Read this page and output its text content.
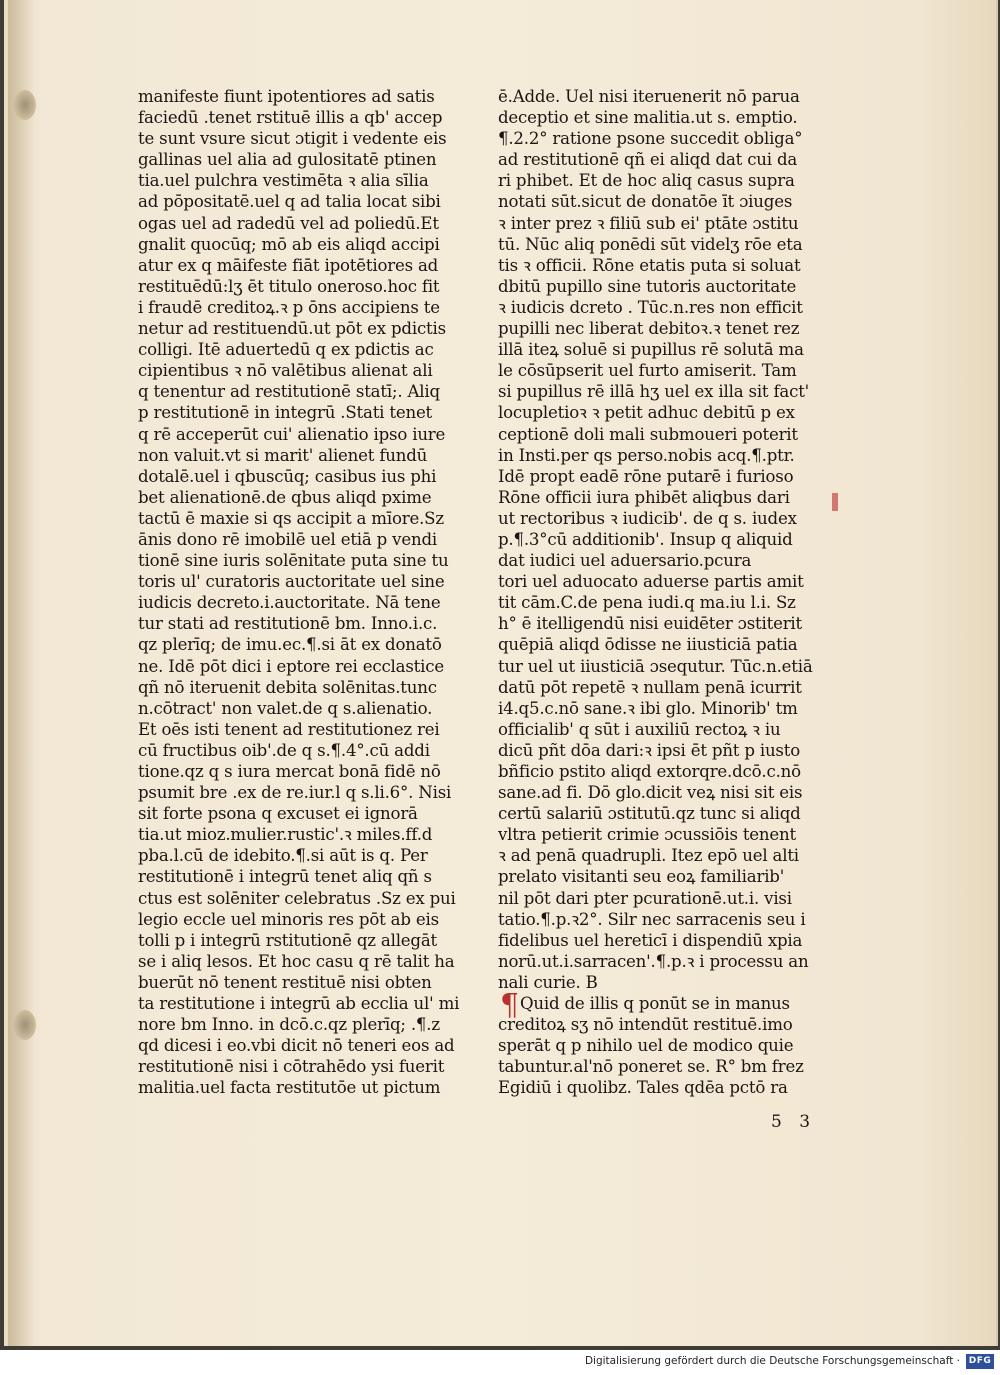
manifeste fiunt ipotentiores ad satis
faciedū .tenet rstituē illis a qb' accep
te sunt vsure sicut ɔtigit i vedente eis
gallinas uel alia ad gulositatē ptinen
tia.uel pulchra vestimēta ꝛ alia sīlia
ad pōpositatē.uel q ad talia locat sibi
ogas uel ad radedū vel ad poliedū.Et
gnalit quocūq; mō ab eis aliqd accipi
atur ex q māifeste fiāt ipotētiores ad
restituēdū:lʒ ēt titulo oneroso.hoc fit
i fraudē creditoꝝ.ꝛ p ōns accipiens te
netur ad restituendū.ut pōt ex pdictis
colligi. Itē aduertedū q ex pdictis ac
cipientibus ꝛ nō valētibus alienat ali
q tenentur ad restitutionē statī;. Aliq
p restitutionē in integrū .Stati tenet
q rē acceperūt cui' alienatio ipso iure
non valuit.vt si marit' alienet fundū
dotalē.uel i qbuscūq; casibus ius phi
bet alienationē.de qbus aliqd pxime
tactū ē maxie si qs accipit a mīore.Sz
ānis dono rē imobilē uel etiā p vendi
tionē sine iuris solēnitate puta sine tu
toris ul' curatoris auctoritate uel sine
iudicis decreto.i.auctoritate. Nā tene
tur stati ad restitutionē bm. Inno.i.c.
qz plerīq; de imu.ec.¶.si āt ex donatō
ne. Idē pōt dici i eptore rei ecclastice
qñ nō iteruenit debita solēnitas.tunc
n.cōtract' non valet.de q s.alienatio.
Et oēs isti tenent ad restitutionez rei
cū fructibus oib'.de q s.¶.4°.cū addi
tione.qz q s iura mercat bonā fidē nō
psumit bre .ex de re.iur.l q s.li.6°. Nisi
sit forte psona q excuset ei ignorā
tia.ut mioz.mulier.rustic'.ꝛ miles.ff.d
pba.l.cū de idebito.¶.si aūt is q. Per
restitutionē i integrū tenet aliq qñ s
ctus est solēniter celebratus .Sz ex pui
legio eccle uel minoris res pōt ab eis
tolli p i integrū rstitutionē qz allegāt
se i aliq lesos. Et hoc casu q rē talit ha
buerūt nō tenent restituē nisi obten
ta restitutione i integrū ab ecclia ul' mi
nore bm Inno. in dcō.c.qz plerīq; .¶.z
qd dicesi i eo.vbi dicit nō teneri eos ad
restitutionē nisi i cōtrahēdo ysi fuerit
malitia.uel facta restitutōe ut pictum
ē.Adde. Uel nisi iteruenerit nō parua
deceptio et sine malitia.ut s. emptio.
¶.2.2° ratione psone succedit obliga°
ad restitutionē qñ ei aliqd dat cui da
ri phibet. Et de hoc aliq casus supra
notati sūt.sicut de donatōe īt ɔiuges
ꝛ inter prez ꝛ filiū sub ei' ptāte ɔstitu
tū. Nūc aliq ponēdi sūt videlʒ rōe eta
tis ꝛ officii. Rōne etatis puta si soluat
dbitū pupillo sine tutoris auctoritate
ꝛ iudicis dcreto . Tūc.n.res non efficit
pupilli nec liberat debitoꝛ.ꝛ tenet rez
illā iteꝝ soluē si pupillus rē solutā ma
le cōsūpserit uel furto amiserit. Tam
si pupillus rē illā hʒ uel ex illa sit fact'
locupletioꝛ ꝛ petit adhuc debitū p ex
ceptionē doli mali submoueri poterit
in Insti.per qs perso.nobis acq.¶.ptr.
Idē propt eadē rōne putarē i furioso
Rōne officii iura phibēt aliqbus dari
ut rectoribus ꝛ iudicib'. de q s. iudex
p.¶.3°cū additionib'. Insup q aliquid
dat iudici uel aduersario.pcura
tori uel aduocato aduerse partis amit
tit cām.C.de pena iudi.q ma.iu l.i. Sz
h° ē itelligendū nisi euidēter ɔstiterit
quēpiā aliqd ōdisse ne iiusticiā patia
tur uel ut iiusticiā ɔsequtur. Tūc.n.etiā
datū pōt repetē ꝛ nullam penā icurrit
i4.q5.c.nō sane.ꝛ ibi glo. Minorib' tm
officialib' q sūt i auxiliū rectoꝝ ꝛ iu
dicū pñt dōa dari:ꝛ ipsi ēt pñt p iusto
bñficio pstito aliqd extorqre.dcō.c.nō
sane.ad fi. Dō glo.dicit veꝝ nisi sit eis
certū salariū ɔstitutū.qz tunc si aliqd
vltra petierit crimie ɔcussiōis tenent
ꝛ ad penā quadrupli. Itez epō uel alti
prelato visitanti seu eoꝝ familiarib'
nil pōt dari pter pcurationē.ut.i. visi
tatio.¶.p.ꝛ2°. Silr nec sarracenis seu i
fidelibus uel hereticī i dispendiū xpia
norū.ut.i.sarracen'.¶.p.ꝛ i processu an
nali curie. B
Quid de illis q ponūt se in manus
creditoꝝ sʒ nō intendūt restituē.imo
sperāt q p nihilo uel de modico quie
tabuntur.al'nō poneret se. R° bm frez
Egidiū i quolibz. Tales qdēa pctō ra
¶
5 3
Digitalisierung gefördert durch die Deutsche Forschungsgemeinschaft · DFG
